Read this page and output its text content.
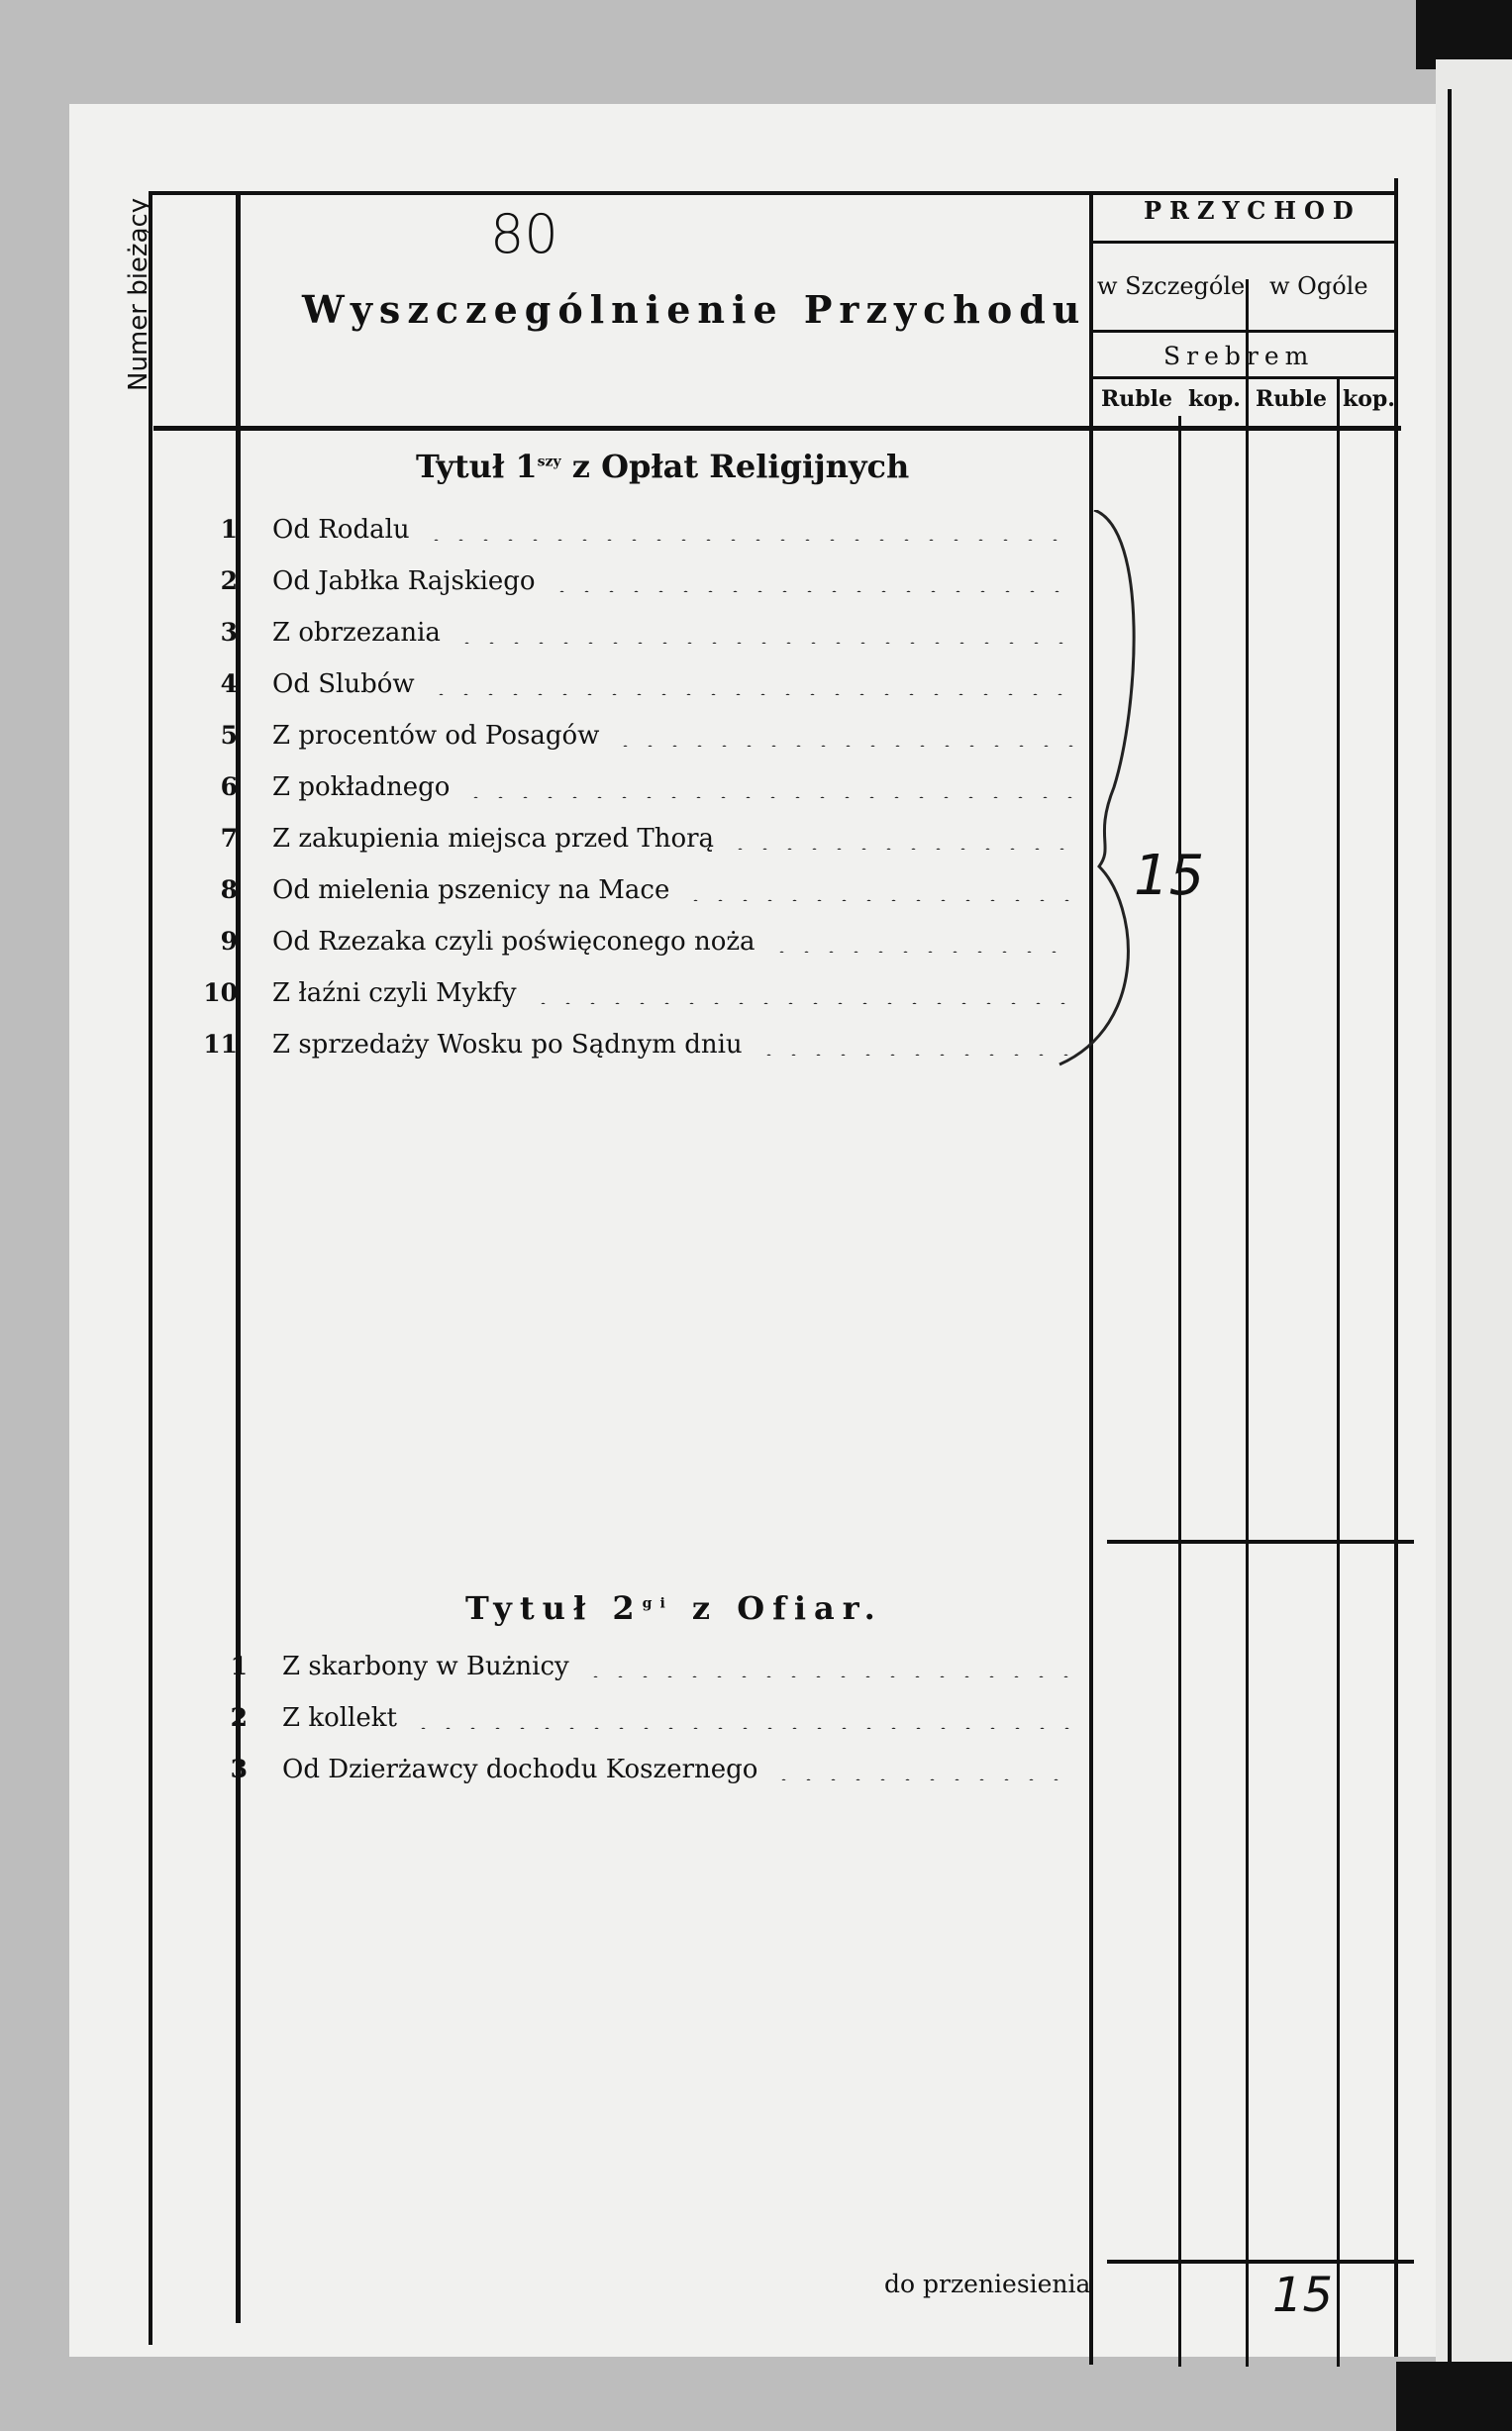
Numer bieżący	80
Wyszczególnienie Przychodu
PRZYCHOD
w Szczególe w Ogóle
Srebrem
Ruble kop. Ruble kop.
Tytuł $1^{szy}$ z Opłat Religijnych
1 Od Rodalu
2 Od Jabłka Rajskiego
3 Z obrzezania
4 Od Slubów
5 Z procentów od Posagów
6 Z pokładnego
7 Z zakupienia miejsca przed Thorą
8 Od mielenia pszenicy na Mace
9 Od Rzezaka czyli poświęconego noża
10 Z łaźni czyli Mykfy
11 Z sprzedaży Wosku po Sądnym dniu
Tytuł $2^{gi}$ z Ofiar.
1 Z skarbony w Bużnicy
2 Z kollekt
3 Od Dzierżawcy dochodu Koszernego
15
do przeniesienia	15
